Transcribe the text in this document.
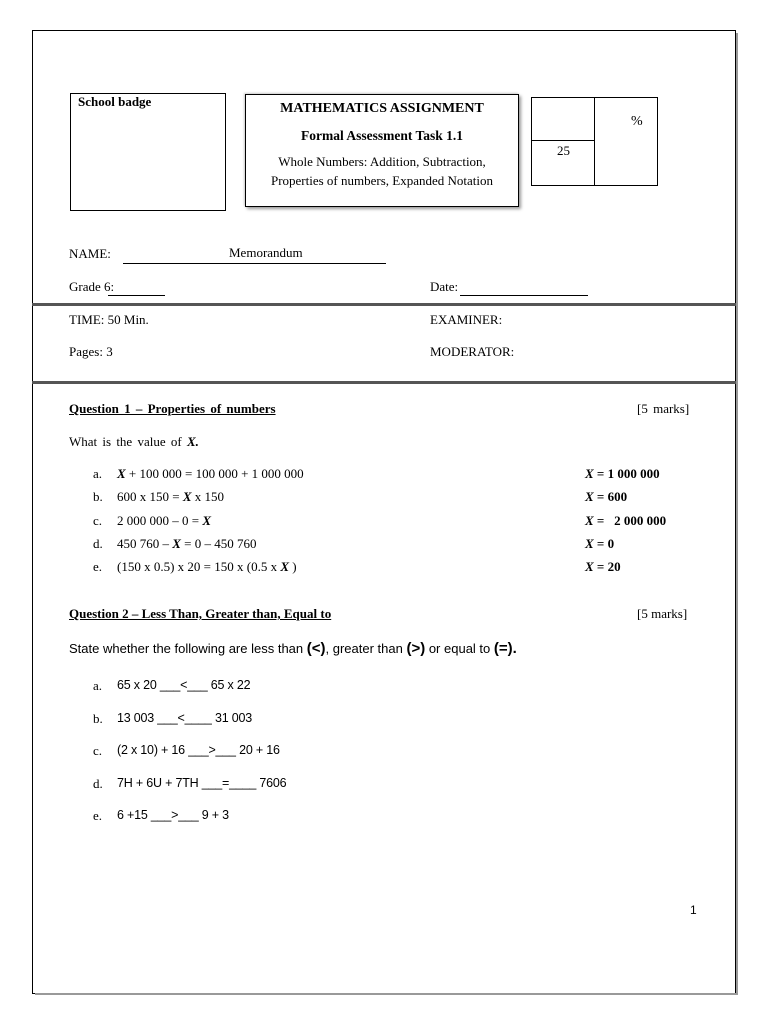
School badge	MATHEMATICS ASSIGNMENT
Formal Assessment Task 1.1
Whole Numbers: Addition, Subtraction,
Properties of numbers, Expanded Notation
%
25
NAME:	Memorandum
Grade 6:	Date:
TIME: 50 Min.	EXAMINER:
Pages: 3	MODERATOR:
Question 1 – Properties of numbers	[5 marks]
What is the value of X.
a. X + 100 000 = 100 000 + 1 000 000	X = 1 000 000
b. 600 x 150 = X x 150	X = 600
c. 2 000 000 – 0 = X	X =   2 000 000
d. 450 760 – X = 0 – 450 760	X = 0
e. (150 x 0.5) x 20 = 150 x (0.5 x X )	X = 20
Question 2 – Less Than, Greater than, Equal to	[5 marks]
State whether the following are less than (<), greater than (>) or equal to (=).
a. 65 x 20 ___<___ 65 x 22
b. 13 003 ___<____ 31 003
c. (2 x 10) + 16 ___>___ 20 + 16
d. 7H + 6U + 7TH ___=____ 7606
e. 6 +15 ___>___ 9 + 3
1
